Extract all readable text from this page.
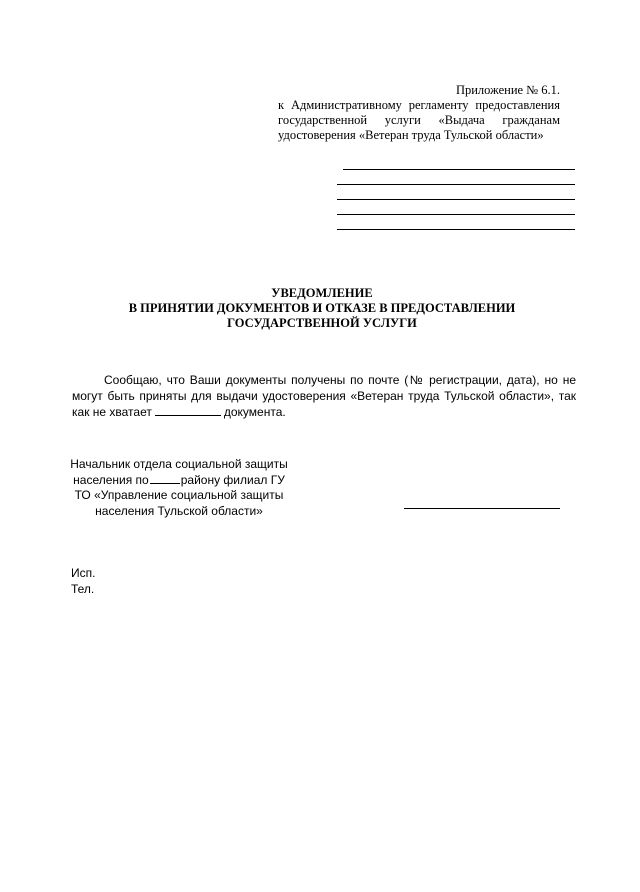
Приложение № 6.1.
к Административному регламенту предоставления государственной услуги «Выдача гражданам удостоверения «Ветеран труда Тульской области»
УВЕДОМЛЕНИЕ
В ПРИНЯТИИ ДОКУМЕНТОВ И ОТКАЗЕ В ПРЕДОСТАВЛЕНИИ
ГОСУДАРСТВЕННОЙ УСЛУГИ
Сообщаю, что Ваши документы получены по почте (№ регистрации, дата), но не могут быть приняты для выдачи удостоверения «Ветеран труда Тульской области», так как не хватает	документа.
Начальник отдела социальной защиты
населения по	району филиал ГУ
ТО «Управление социальной защиты
населения Тульской области»
Исп.
Тел.
